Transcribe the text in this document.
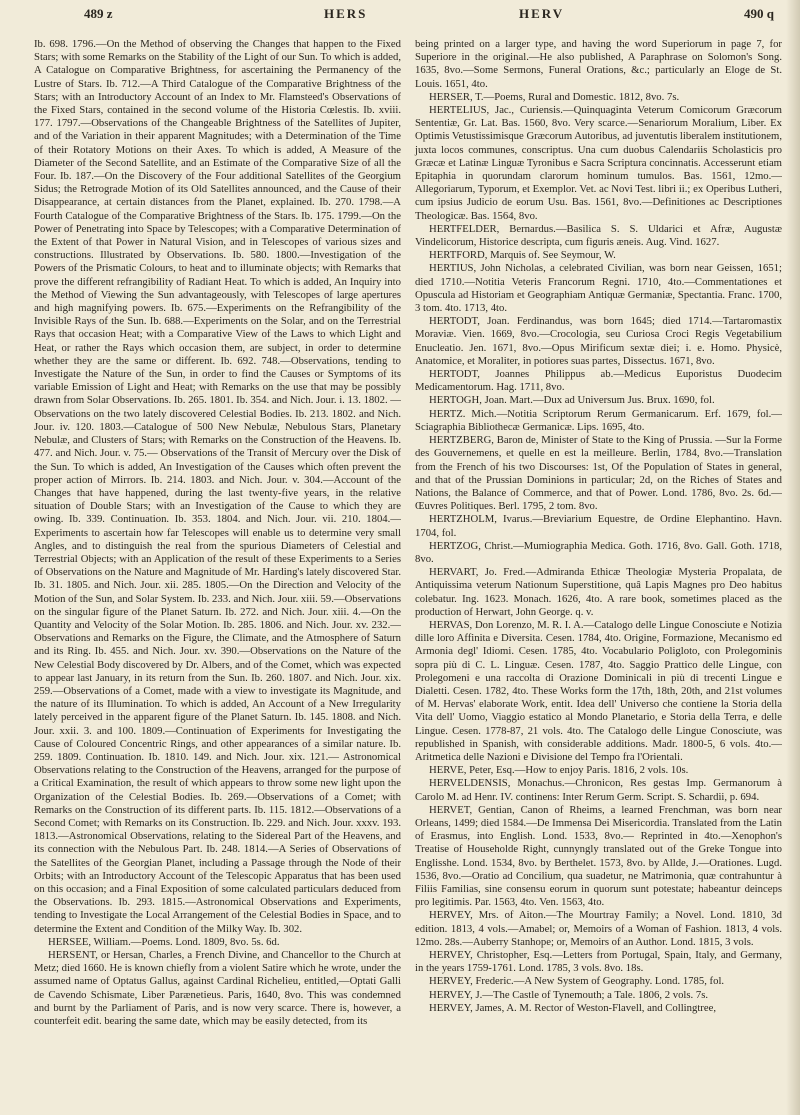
489 z	HERS	HERV	490 q

Ib. 698. 1796.—On the Method of observing the Changes that happen to the Fixed Stars; with some Remarks on the Stability of the Light of our Sun. To which is added, A Catalogue on Comparative Brightness, for ascertaining the Permanency of the Lustre of Stars. Ib. 712.—A Third Catalogue of the Comparative Brightness of the Stars; with an Introductory Account of an Index to Mr. Flamsteed's Observations of the Fixed Stars, contained in the second volume of the Historia Cœlestis. Ib. xviii. 177. 1797.—Observations of the Changeable Brightness of the Satellites of Jupiter, and of the Variation in their apparent Magnitudes; with a Determination of the Time of their Rotatory Motions on their Axes. To which is added, A Measure of the Diameter of the Second Satellite, and an Estimate of the Comparative Size of all the Four. Ib. 187.—On the Discovery of the Four additional Satellites of the Georgium Sidus; the Retrograde Motion of its Old Satellites announced, and the Cause of their Disappearance, at certain distances from the Planet, explained. Ib. 270. 1798.—A Fourth Catalogue of the Comparative Brightness of the Stars. Ib. 175. 1799.—On the Power of Penetrating into Space by Telescopes; with a Comparative Determination of the Extent of that Power in Natural Vision, and in Telescopes of various sizes and constructions. Illustrated by Observations. Ib. 580. 1800.—Investigation of the Powers of the Prismatic Colours, to heat and to illuminate objects; with Remarks that prove the different refrangibility of Radiant Heat. To which is added, An Inquiry into the Method of Viewing the Sun advantageously, with Telescopes of large apertures and high magnifying powers. Ib. 675.—Experiments on the Refrangibility of the Invisible Rays of the Sun. Ib. 688.—Experiments on the Solar, and on the Terrestrial Rays that occasion Heat; with a Comparative View of the Laws to which Light and Heat, or rather the Rays which occasion them, are subject, in order to determine whether they are the same or different. Ib. 692. 748.—Observations, tending to Investigate the Nature of the Sun, in order to find the Causes or Symptoms of its variable Emission of Light and Heat; with Remarks on the use that may be possibly drawn from Solar Observations. Ib. 265. 1801. Ib. 354. and Nich. Jour. i. 13. 1802. —Observations on the two lately discovered Celestial Bodies. Ib. 213. 1802. and Nich. Jour. iv. 120. 1803.—Catalogue of 500 New Nebulæ, Nebulous Stars, Planetary Nebulæ, and Clusters of Stars; with Remarks on the Construction of the Heavens. Ib. 477. and Nich. Jour. v. 75.— Observations of the Transit of Mercury over the Disk of the Sun. To which is added, An Investigation of the Causes which often prevent the proper action of Mirrors. Ib. 214. 1803. and Nich. Jour. v. 304.—Account of the Changes that have happened, during the last twenty-five years, in the relative situation of Double Stars; with an Investigation of the Cause to which they are owing. Ib. 339. Continuation. Ib. 353. 1804. and Nich. Jour. vii. 210. 1804.—Experiments to ascertain how far Telescopes will enable us to determine very small Angles, and to distinguish the real from the spurious Diameters of Celestial and Terrestrial Objects; with an Application of the result of these Experiments to a Series of Observations on the Nature and Magnitude of Mr. Harding's lately discovered Star. Ib. 31. 1805. and Nich. Jour. xii. 285. 1805.—On the Direction and Velocity of the Motion of the Sun, and Solar System. Ib. 233. and Nich. Jour. xiii. 59.—Observations on the singular figure of the Planet Saturn. Ib. 272. and Nich. Jour. xiii. 4.—On the Quantity and Velocity of the Solar Motion. Ib. 285. 1806. and Nich. Jour. xv. 232.—Observations and Remarks on the Figure, the Climate, and the Atmosphere of Saturn and its Ring. Ib. 455. and Nich. Jour. xv. 390.—Observations on the Nature of the New Celestial Body discovered by Dr. Albers, and of the Comet, which was expected to appear last January, in its return from the Sun. Ib. 260. 1807. and Nich. Jour. xix. 259.—Observations of a Comet, made with a view to investigate its Magnitude, and the nature of its Illumination. To which is added, An Account of a New Irregularity lately perceived in the apparent figure of the Planet Saturn. Ib. 145. 1808. and Nich. Jour. xxii. 3. and 100. 1809.—Continuation of Experiments for Investigating the Cause of Coloured Concentric Rings, and other appearances of a similar nature. Ib. 259. 1809. Continuation. Ib. 1810. 149. and Nich. Jour. xix. 121.— Astronomical Observations relating to the Construction of the Heavens, arranged for the purpose of a Critical Examination, the result of which appears to throw some new light upon the Organization of the Celestial Bodies. Ib. 269.—Observations of a Comet; with Remarks on the Construction of its different parts. Ib. 115. 1812.—Observations of a Second Comet; with Remarks on its Construction. Ib. 229. and Nich. Jour. xxxv. 193. 1813.—Astronomical Observations, relating to the Sidereal Part of the Heavens, and its connection with the Nebulous Part. Ib. 248. 1814.—A Series of Observations of the Satellites of the Georgian Planet, including a Passage through the Node of their Orbits; with an Introductory Account of the Telescopic Apparatus that has been used on this occasion; and a Final Exposition of some calculated particulars deduced from the Observations. Ib. 293. 1815.—Astronomical Observations and Experiments, tending to Investigate the Local Arrangement of the Celestial Bodies in Space, and to determine the Extent and Condition of the Milky Way. Ib. 302.

HERSEE, William.—Poems. Lond. 1809, 8vo. 5s. 6d.

HERSENT, or Hersan, Charles, a French Divine, and Chancellor to the Church at Metz; died 1660. He is known chiefly from a violent Satire which he wrote, under the assumed name of Optatus Gallus, against Cardinal Richelieu, entitled,—Optati Galli de Cavendo Schismate, Liber Parænetieus. Paris, 1640, 8vo. This was condemned and burnt by the Parliament of Paris, and is now very scarce. There is, however, a counterfeit edit. bearing the same date, which may be easily detected, from its

being printed on a larger type, and having the word Superiorum in page 7, for Superiore in the original.—He also published, A Paraphrase on Solomon's Song. 1635, 8vo.—Some Sermons, Funeral Orations, &c.; particularly an Eloge de St. Louis. 1651, 4to.

HERSER, T.—Poems, Rural and Domestic. 1812, 8vo. 7s.

HERTELIUS, Jac., Curiensis.—Quinquaginta Veterum Comicorum Græcorum Sententiæ, Gr. Lat. Bas. 1560, 8vo. Very scarce.—Senariorum Moralium, Liber. Ex Optimis Vetustissimisque Græcorum Autoribus, ad juventutis liberalem institutionem, juxta locos communes, conscriptus. Una cum duobus Calendariis Scholasticis pro Græcæ et Latinæ Linguæ Tyronibus e Sacra Scriptura concinnatis. Accesserunt etiam Epitaphia in quorundam clarorum hominum tumulos. Bas. 1561, 12mo.—Allegoriarum, Typorum, et Exemplor. Vet. ac Novi Test. libri ii.; ex Operibus Lutheri, cum ipsius Judicio de eorum Usu. Bas. 1561, 8vo.—Definitiones ac Descriptiones Theologicæ. Bas. 1564, 8vo.

HERTFELDER, Bernardus.—Basilica S. S. Uldarici et Afræ, Augustæ Vindelicorum, Historice descripta, cum figuris æneis. Aug. Vind. 1627.

HERTFORD, Marquis of. See Seymour, W.

HERTIUS, John Nicholas, a celebrated Civilian, was born near Geissen, 1651; died 1710.—Notitia Veteris Francorum Regni. 1710, 4to.—Commentationes et Opuscula ad Historiam et Geographiam Antiquæ Germaniæ, Spectantia. Franc. 1700, 3 tom. 4to. 1713, 4to.

HERTODT, Joan. Ferdinandus, was born 1645; died 1714.—Tartaromastix Moraviæ. Vien. 1669, 8vo.—Crocologia, seu Curiosa Croci Regis Vegetabilium Enucleatio. Jen. 1671, 8vo.—Opus Mirificum sextæ diei; i. e. Homo. Physicè, Anatomice, et Moraliter, in potiores suas partes, Dissectus. 1671, 8vo.

HERTODT, Joannes Philippus ab.—Medicus Euporistus Duodecim Medicamentorum. Hag. 1711, 8vo.

HERTOGH, Joan. Mart.—Dux ad Universum Jus. Brux. 1690, fol.

HERTZ. Mich.—Notitia Scriptorum Rerum Germanicarum. Erf. 1679, fol.—Sciagraphia Bibliothecæ Germanicæ. Lips. 1695, 4to.

HERTZBERG, Baron de, Minister of State to the King of Prussia. —Sur la Forme des Gouvernemens, et quelle en est la meilleure. Berlin, 1784, 8vo.—Translation from the French of his two Discourses: 1st, Of the Population of States in general, and that of the Prussian Dominions in particular; 2d, on the Riches of States and Nations, the Balance of Commerce, and that of Power. Lond. 1786, 8vo. 2s. 6d.—Œuvres Politiques. Berl. 1795, 2 tom. 8vo.

HERTZHOLM, Ivarus.—Breviarium Equestre, de Ordine Elephantino. Havn. 1704, fol.

HERTZOG, Christ.—Mumiographia Medica. Goth. 1716, 8vo. Gall. Goth. 1718, 8vo.

HERVART, Jo. Fred.—Admiranda Ethicæ Theologiæ Mysteria Propalata, de Antiquissima veterum Nationum Superstitione, quâ Lapis Magnes pro Deo habitus colebatur. Ing. 1623. Monach. 1626, 4to. A rare book, sometimes placed as the production of Herwart, John George. q. v.

HERVAS, Don Lorenzo, M. R. I. A.—Catalogo delle Lingue Conosciute e Notizia dille loro Affinita e Diversita. Cesen. 1784, 4to. Origine, Formazione, Mecanismo ed Armonia degl' Idiomi. Cesen. 1785, 4to. Vocabulario Poligloto, con Prolegominis sopra più di C. L. Linguæ. Cesen. 1787, 4to. Saggio Prattico delle Lingue, con Prolegomeni e una raccolta di Orazione Dominicali in più di trecenti Lingue e Dialetti. Cesen. 1782, 4to. These Works form the 17th, 18th, 20th, and 21st volumes of M. Hervas' elaborate Work, entit. Idea dell' Universo che contiene la Storia della Vita dell' Uomo, Viaggio estatico al Mondo Planetario, e Storia della Terra, e delle Lingue. Cesen. 1778-87, 21 vols. 4to. The Catalogo delle Lingue Conosciute, was republished in Spanish, with considerable additions. Madr. 1800-5, 6 vols. 4to.—Aritmetica delle Nazioni e Divisione del Tempo fra l'Orientali.

HERVE, Peter, Esq.—How to enjoy Paris. 1816, 2 vols. 10s.

HERVELDENSIS, Monachus.—Chronicon, Res gestas Imp. Germanorum à Carolo M. ad Henr. IV. continens: Inter Rerum Germ. Script. S. Schardii, p. 694.

HERVET, Gentian, Canon of Rheims, a learned Frenchman, was born near Orleans, 1499; died 1584.—De Immensa Dei Misericordia. Translated from the Latin of Erasmus, into English. Lond. 1533, 8vo.— Reprinted in 4to.—Xenophon's Treatise of Householde Right, cunnyngly translated out of the Greke Tongue into Englisshe. Lond. 1534, 8vo. by Berthelet. 1573, 8vo. by Allde, J.—Orationes. Lugd. 1536, 8vo.—Oratio ad Concilium, qua suadetur, ne Matrimonia, quæ contrahuntur à Filiis Familias, sine consensu eorum in quorum sunt potestate; habeantur deinceps pro legitimis. Par. 1563, 4to. Ven. 1563, 4to.

HERVEY, Mrs. of Aiton.—The Mourtray Family; a Novel. Lond. 1810, 3d edition. 1813, 4 vols.—Amabel; or, Memoirs of a Woman of Fashion. 1813, 4 vols. 12mo. 28s.—Auberry Stanhope; or, Memoirs of an Author. Lond. 1815, 3 vols.

HERVEY, Christopher, Esq.—Letters from Portugal, Spain, Italy, and Germany, in the years 1759-1761. Lond. 1785, 3 vols. 8vo. 18s.

HERVEY, Frederic.—A New System of Geography. Lond. 1785, fol.

HERVEY, J.—The Castle of Tynemouth; a Tale. 1806, 2 vols. 7s.

HERVEY, James, A. M. Rector of Weston-Flavell, and Collingtree,
